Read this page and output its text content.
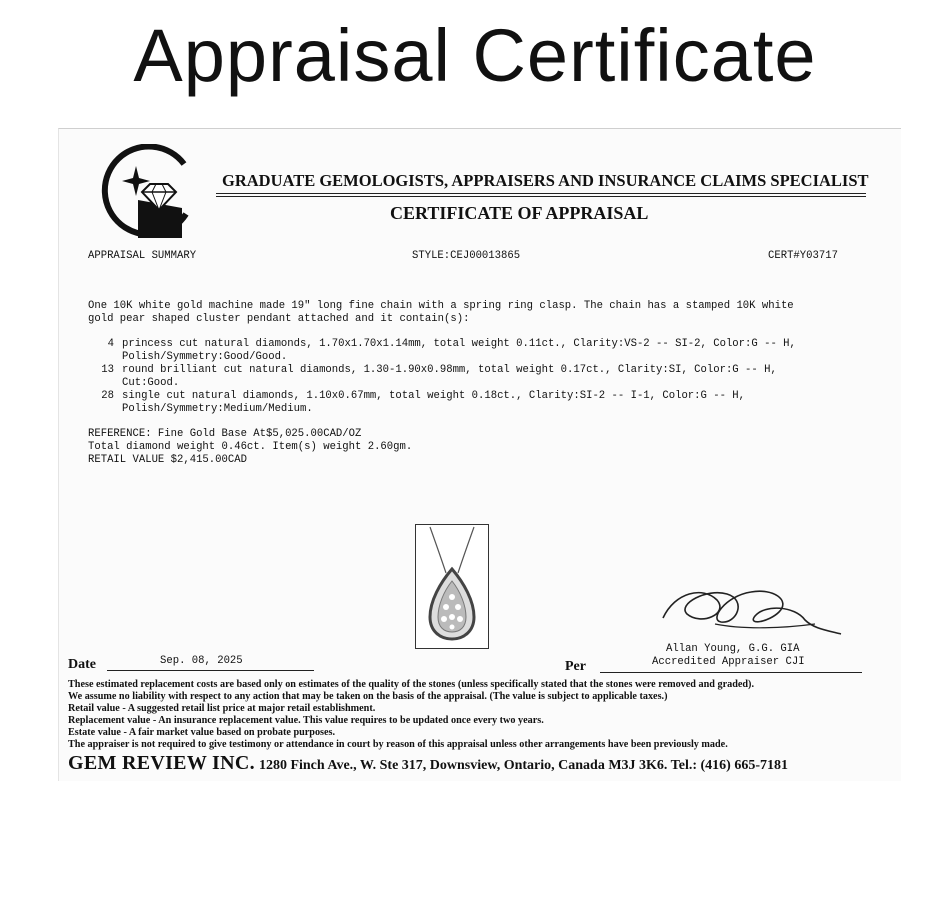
Appraisal Certificate
GRADUATE GEMOLOGISTS, APPRAISERS AND INSURANCE CLAIMS SPECIALIST
CERTIFICATE OF APPRAISAL
APPRAISAL SUMMARY	STYLE:CEJ00013865	CERT#Y03717
One 10K white gold machine made 19" long fine chain with a spring ring clasp. The chain has a stamped 10K white
gold pear shaped cluster pendant attached and it contain(s):
4 princess cut natural diamonds, 1.70x1.70x1.14mm, total weight 0.11ct., Clarity:VS-2 -- SI-2, Color:G -- H,
Polish/Symmetry:Good/Good.
13 round brilliant cut natural diamonds, 1.30-1.90x0.98mm, total weight 0.17ct., Clarity:SI, Color:G -- H,
Cut:Good.
28 single cut natural diamonds, 1.10x0.67mm, total weight 0.18ct., Clarity:SI-2 -- I-1, Color:G -- H,
Polish/Symmetry:Medium/Medium.
REFERENCE: Fine Gold Base At$5,025.00CAD/OZ
Total diamond weight 0.46ct. Item(s) weight 2.60gm.
RETAIL VALUE $2,415.00CAD
Allan Young, G.G. GIA
Accredited Appraiser CJI
Date	Sep. 08, 2025	Per
These estimated replacement costs are based only on estimates of the quality of the stones (unless specifically stated that the stones were removed and graded).
We assume no liability with respect to any action that may be taken on the basis of the appraisal. (The value is subject to applicable taxes.)
Retail value - A suggested retail list price at major retail establishment.
Replacement value - An insurance replacement value. This value requires to be updated once every two years.
Estate value - A fair market value based on probate purposes.
The appraiser is not required to give testimony or attendance in court by reason of this appraisal unless other arrangements have been previously made.
GEM REVIEW INC. 1280 Finch Ave., W. Ste 317, Downsview, Ontario, Canada M3J 3K6. Tel.: (416) 665-7181
